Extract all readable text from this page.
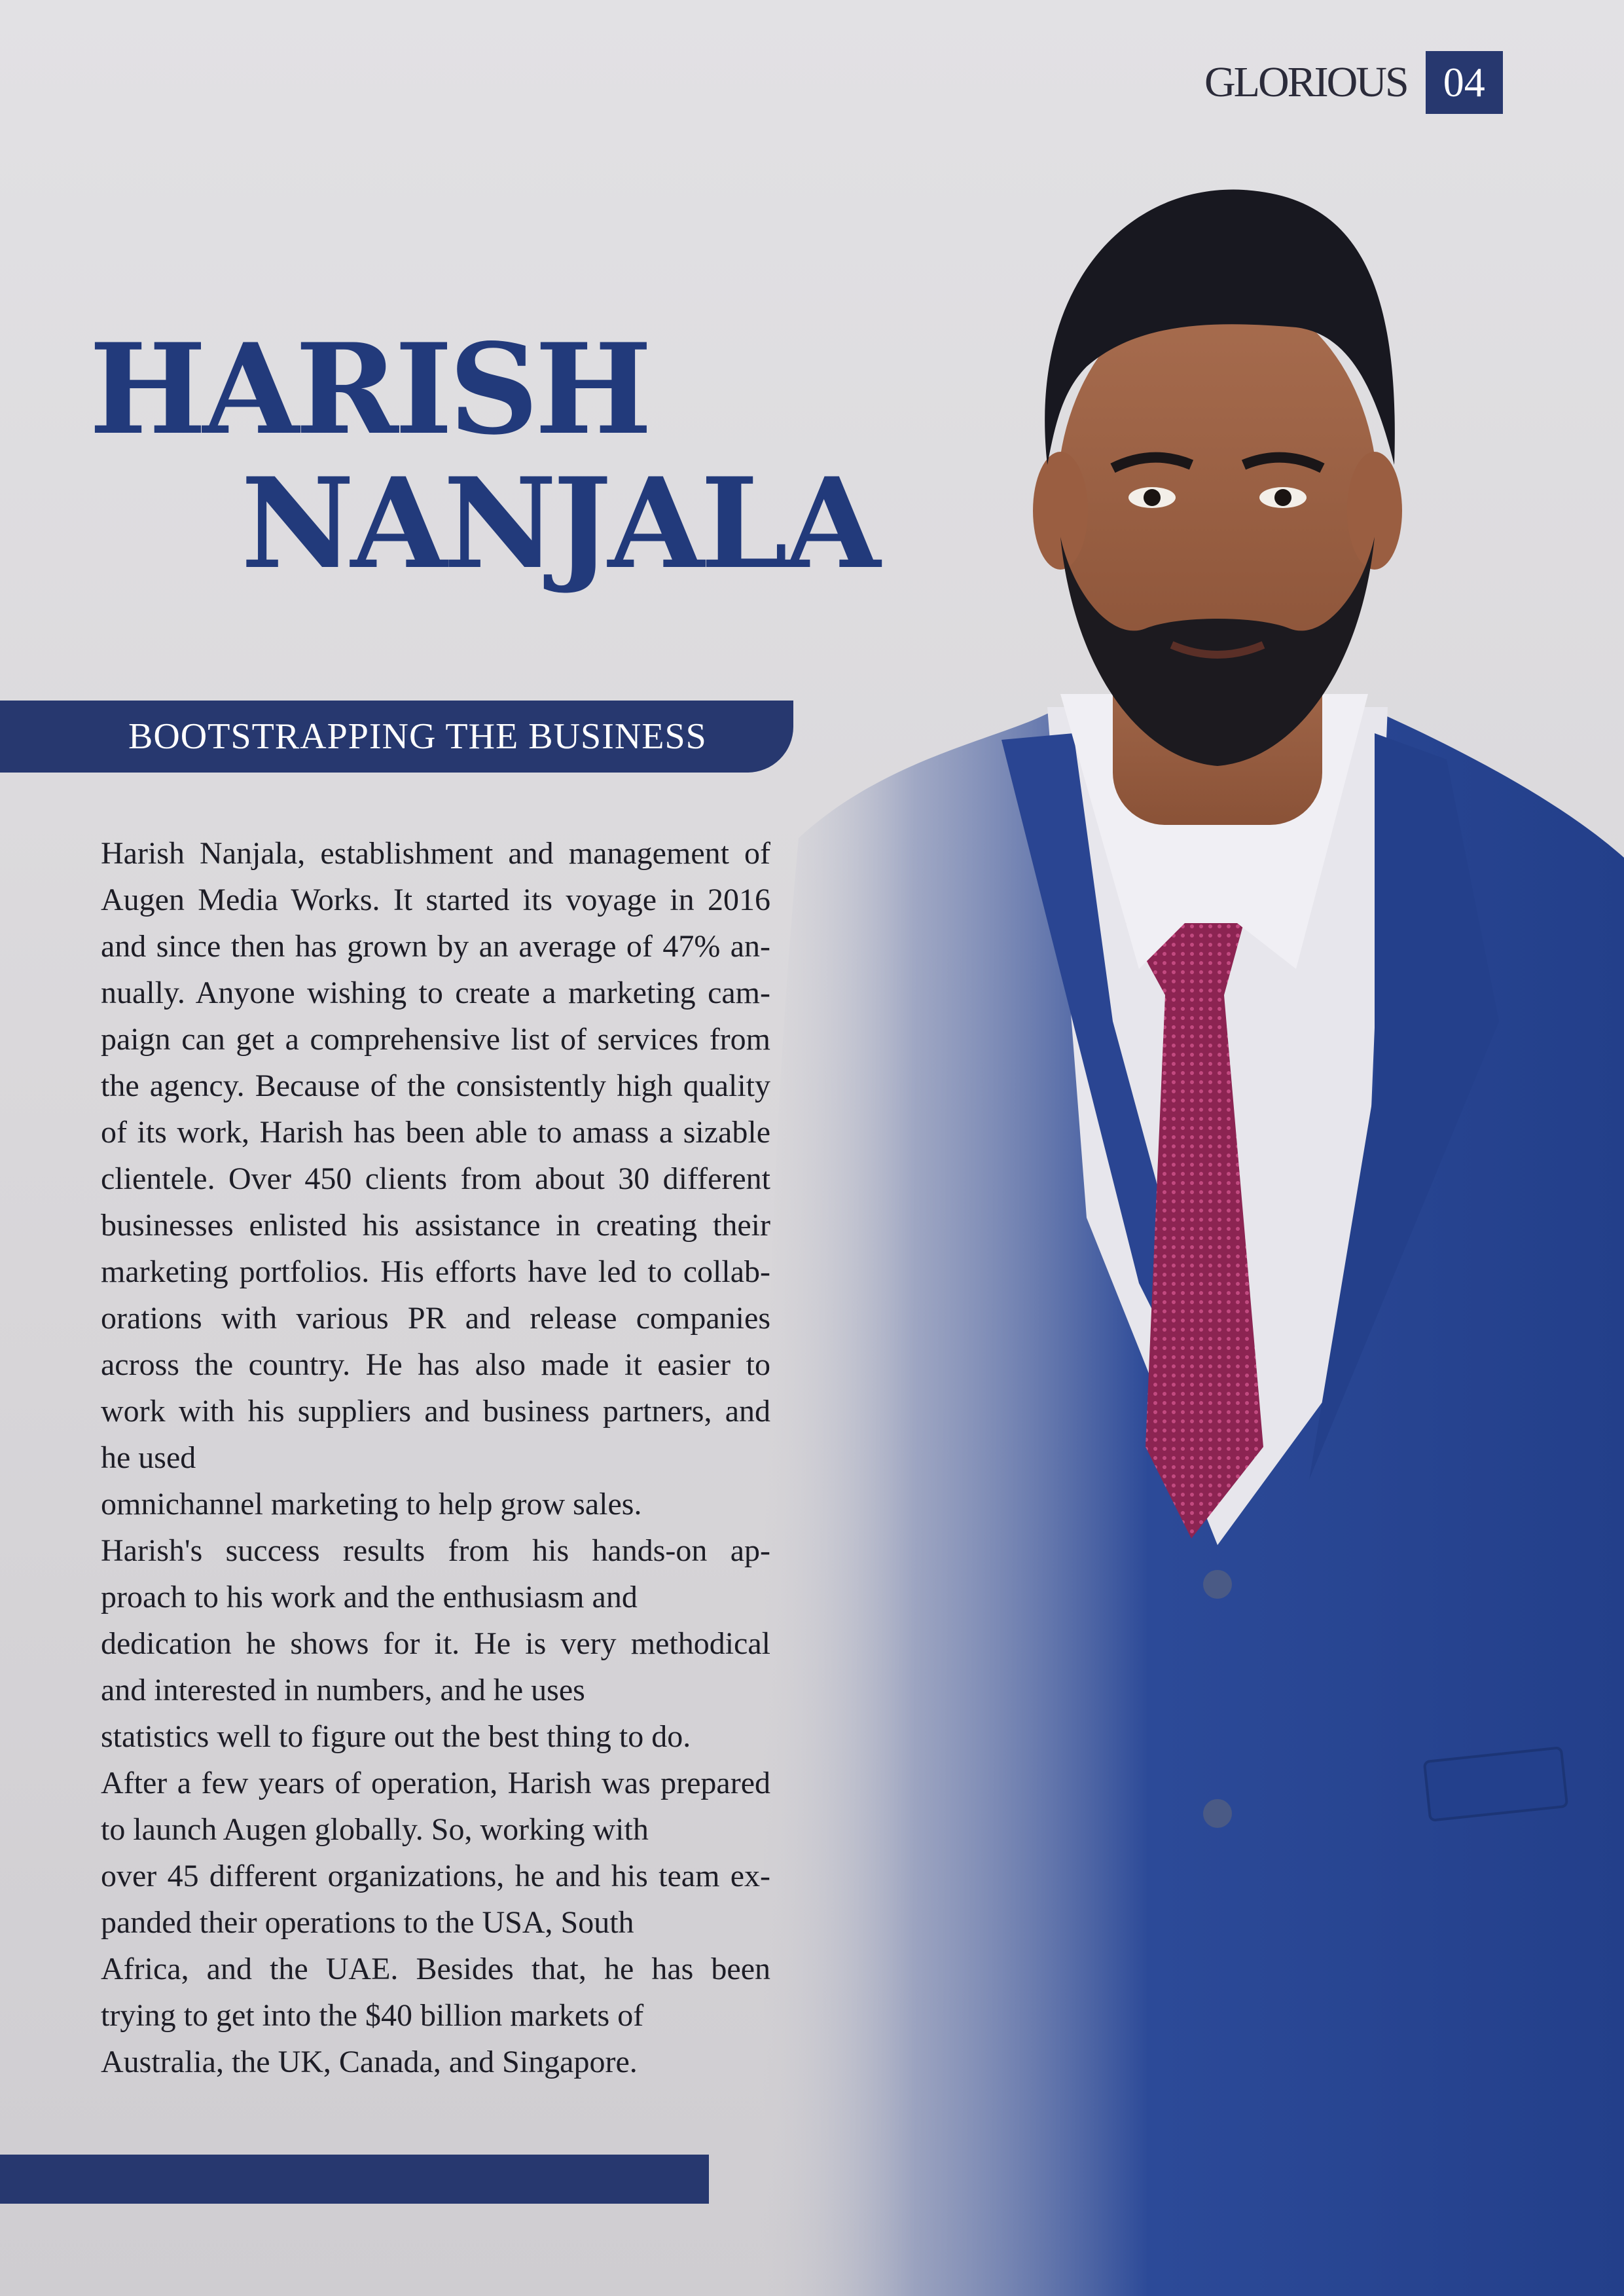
GLORIOUS 04
HARISH
NANJALA
BOOTSTRAPPING THE BUSINESS
Harish Nanjala, establishment and management of
Augen Media Works. It started its voyage in 2016
and since then has grown by an average of 47% an-
nually. Anyone wishing to create a marketing cam-
paign can get a comprehensive list of services from
the agency. Because of the consistently high quality
of its work, Harish has been able to amass a sizable
clientele. Over 450 clients from about 30 different
businesses enlisted his assistance in creating their
marketing portfolios. His efforts have led to collab-
orations with various PR and release companies
across the country. He has also made it easier to
work with his suppliers and business partners, and
he used
omnichannel marketing to help grow sales.
Harish's success results from his hands-on ap-
proach to his work and the enthusiasm and
dedication he shows for it. He is very methodical
and interested in numbers, and he uses
statistics well to figure out the best thing to do.
After a few years of operation, Harish was prepared
to launch Augen globally. So, working with
over 45 different organizations, he and his team ex-
panded their operations to the USA, South
Africa, and the UAE. Besides that, he has been
trying to get into the $40 billion markets of
Australia, the UK, Canada, and Singapore.
